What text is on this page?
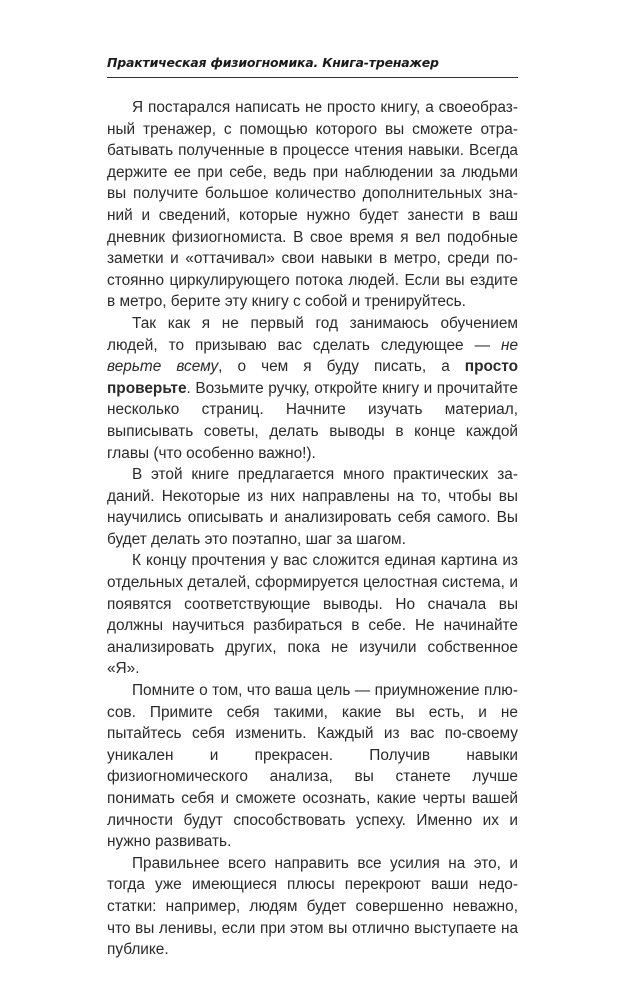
Практическая физиогномика. Книга-тренажер

Я постарался написать не просто книгу, а своеобразный тренажер, с помощью которого вы сможете отрабатывать полученные в процессе чтения навыки. Всегда держите ее при себе, ведь при наблюдении за людьми вы получите большое количество дополнительных знаний и сведений, которые нужно будет занести в ваш дневник физиогномиста. В свое время я вел подобные заметки и «оттачивал» свои навыки в метро, среди постоянно циркулирующего потока людей. Если вы ездите в метро, берите эту книгу с собой и тренируйтесь.

Так как я не первый год занимаюсь обучением людей, то призываю вас сделать следующее — не верьте всему, о чем я буду писать, а просто проверьте. Возьмите ручку, откройте книгу и прочитайте несколько страниц. Начните изучать материал, выписывать советы, делать выводы в конце каждой главы (что особенно важно!).

В этой книге предлагается много практических заданий. Некоторые из них направлены на то, чтобы вы научились описывать и анализировать себя самого. Вы будет делать это поэтапно, шаг за шагом.

К концу прочтения у вас сложится единая картина из отдельных деталей, сформируется целостная система, и появятся соответствующие выводы. Но сначала вы должны научиться разбираться в себе. Не начинайте анализировать других, пока не изучили собственное «Я».

Помните о том, что ваша цель — приумножение плюсов. Примите себя такими, какие вы есть, и не пытайтесь себя изменить. Каждый из вас по-своему уникален и прекрасен. Получив навыки физиогномического анализа, вы станете лучше понимать себя и сможете осознать, какие черты вашей личности будут способствовать успеху. Именно их и нужно развивать.

Правильнее всего направить все усилия на это, и тогда уже имеющиеся плюсы перекроют ваши недостатки: например, людям будет совершенно неважно, что вы ленивы, если при этом вы отлично выступаете на публике.
